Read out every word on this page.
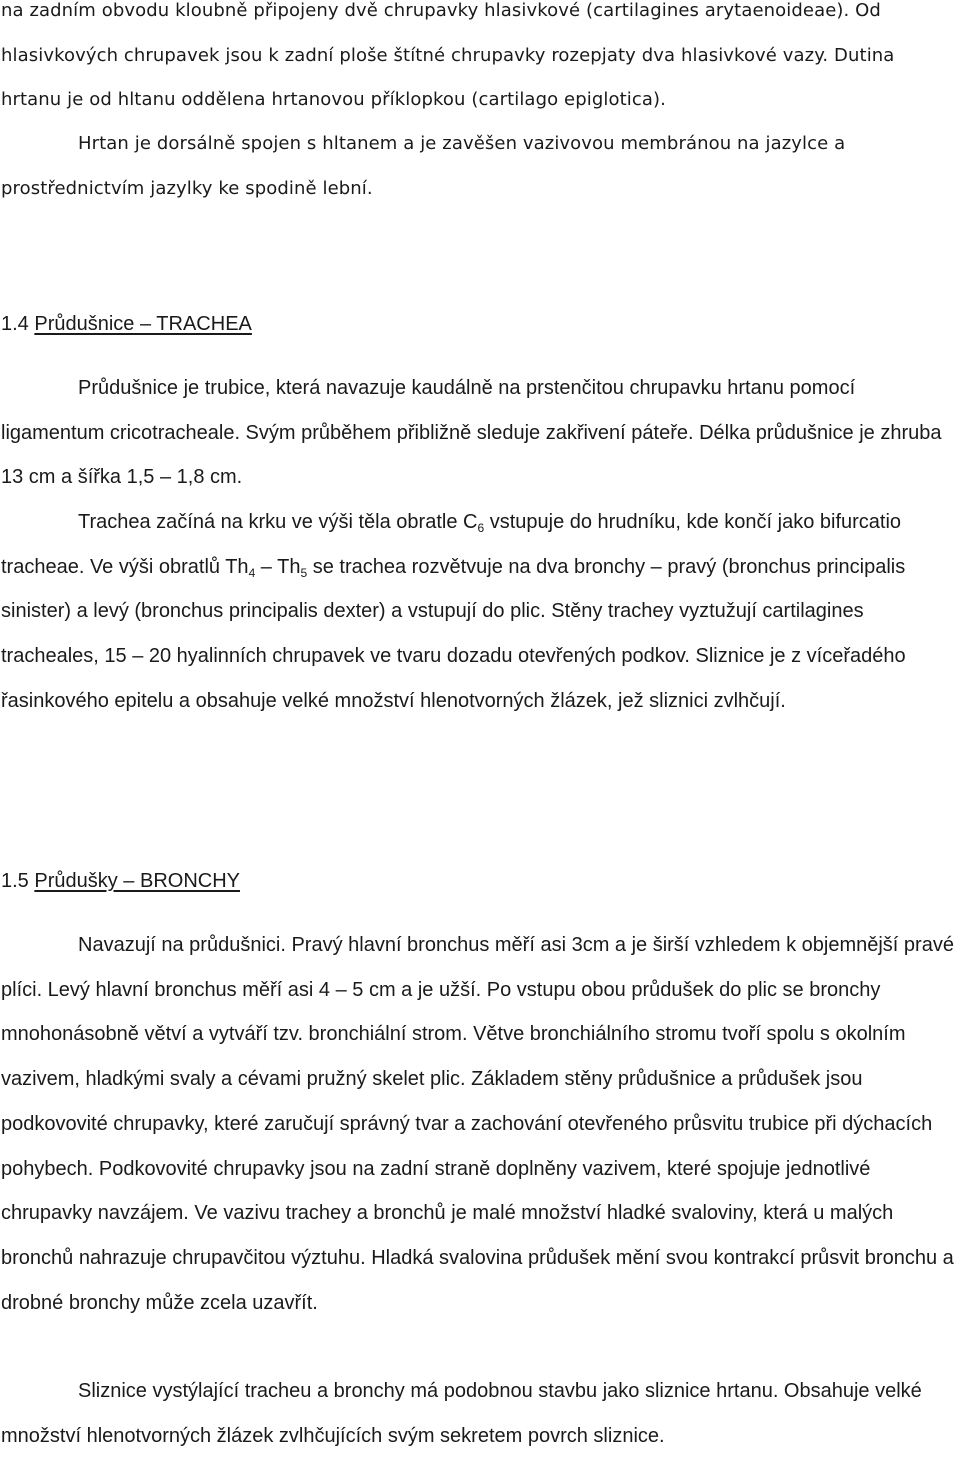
na zadním obvodu kloubně připojeny dvě chrupavky hlasivkové (cartilagines arytaenoideae). Od hlasivkových chrupavek jsou k zadní ploše štítné chrupavky rozepjaty dva hlasivkové vazy. Dutina hrtanu je od hltanu oddělena hrtanovou příklopkou (cartilago epiglotica).

Hrtan je dorsálně spojen s hltanem a je zavěšen vazivovou membránou na jazylce a prostřednictvím jazylky ke spodině lební.

1.4 Průdušnice – TRACHEA

Průdušnice je trubice, která navazuje kaudálně na prstenčitou chrupavku hrtanu pomocí ligamentum cricotracheale. Svým průběhem přibližně sleduje zakřivení páteře. Délka průdušnice je zhruba 13 cm a šířka 1,5 – 1,8 cm.

Trachea začíná na krku ve výši těla obratle $C_6$ vstupuje do hrudníku, kde končí jako bifurcatio tracheae. Ve výši obratlů $Th_4 - Th_5$ se trachea rozvětvuje na dva bronchy – pravý (bronchus principalis sinister) a levý (bronchus principalis dexter) a vstupují do plic. Stěny trachey vyztužují cartilagines tracheales, 15 – 20 hyalinních chrupavek ve tvaru dozadu otevřených podkov. Sliznice je z víceřadého řasinkového epitelu a obsahuje velké množství hlenotvorných žlázek, jež sliznici zvlhčují.

1.5 Průdušky – BRONCHY

Navazují na průdušnici. Pravý hlavní bronchus měří asi 3cm a je širší vzhledem k objemnější pravé plíci. Levý hlavní bronchus měří asi 4 – 5 cm a je užší. Po vstupu obou průdušek do plic se bronchy mnohonásobně větví a vytváří tzv. bronchiální strom. Větve bronchiálního stromu tvoří spolu s okolním vazivem, hladkými svaly a cévami pružný skelet plic. Základem stěny průdušnice a průdušek jsou podkovovité chrupavky, které zaručují správný tvar a zachování otevřeného průsvitu trubice při dýchacích pohybech. Podkovovité chrupavky jsou na zadní straně doplněny vazivem, které spojuje jednotlivé chrupavky navzájem. Ve vazivu trachey a bronchů je malé množství hladké svaloviny, která u malých bronchů nahrazuje chrupavčitou výztuhu. Hladká svalovina průdušek mění svou kontrakcí průsvit bronchu a drobné bronchy může zcela uzavřít.

Sliznice vystýlající tracheu a bronchy má podobnou stavbu jako sliznice hrtanu. Obsahuje velké množství hlenotvorných žlázek zvlhčujících svým sekretem povrch sliznice.
